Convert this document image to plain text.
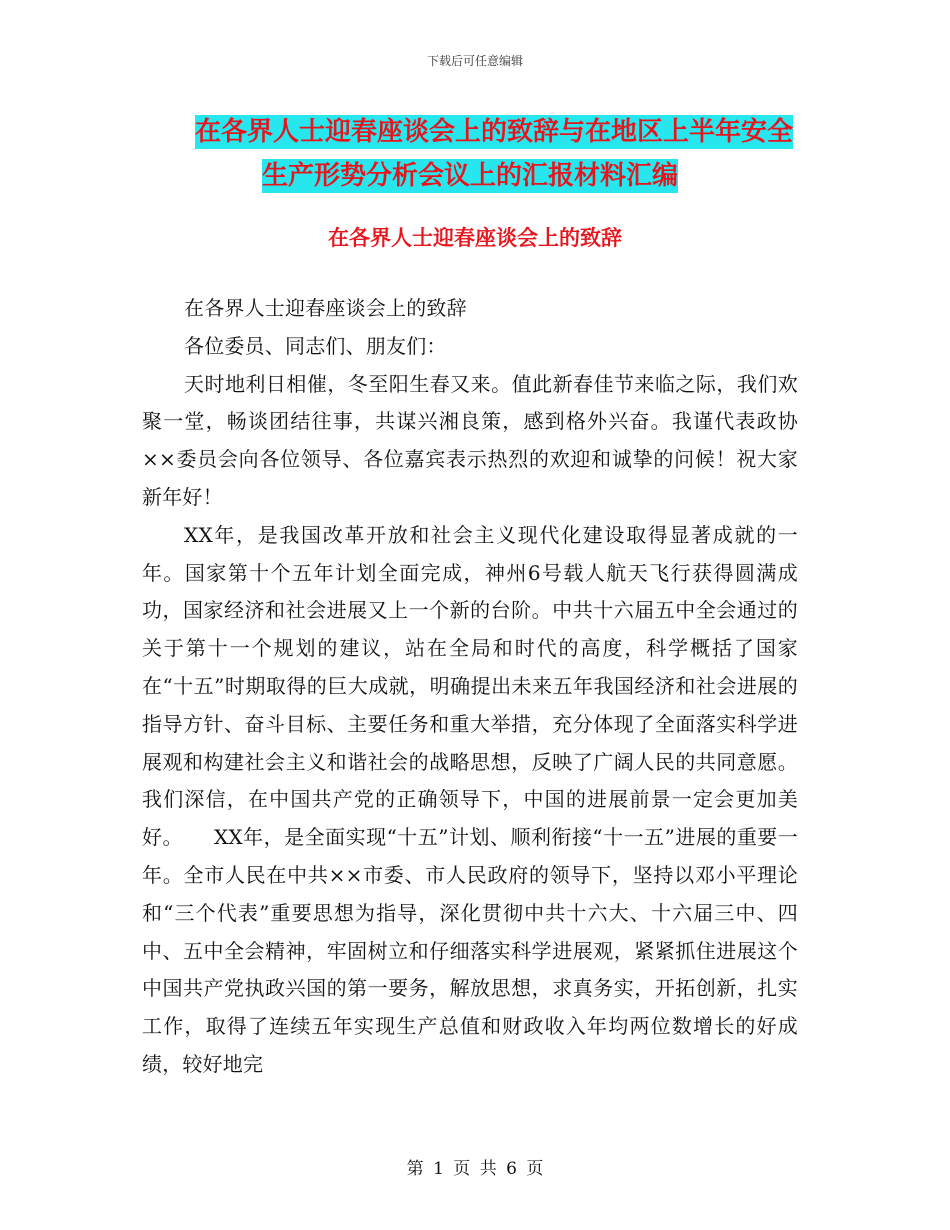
下载后可任意编辑
在各界人士迎春座谈会上的致辞与在地区上半年安全
生产形势分析会议上的汇报材料汇编
在各界人士迎春座谈会上的致辞

在各界人士迎春座谈会上的致辞

各位委员、同志们、朋友们：

天时地利日相催，冬至阳生春又来。值此新春佳节来临之际，我们欢聚一堂，畅谈团结往事，共谋兴湘良策，感到格外兴奋。我谨代表政协××委员会向各位领导、各位嘉宾表示热烈的欢迎和诚挚的问候！祝大家新年好！

XX年，是我国改革开放和社会主义现代化建设取得显著成就的一年。国家第十个五年计划全面完成，神州6号载人航天飞行获得圆满成功，国家经济和社会进展又上一个新的台阶。中共十六届五中全会通过的关于第十一个规划的建议，站在全局和时代的高度，科学概括了国家在“十五”时期取得的巨大成就，明确提出未来五年我国经济和社会进展的指导方针、奋斗目标、主要任务和重大举措，充分体现了全面落实科学进展观和构建社会主义和谐社会的战略思想，反映了广阔人民的共同意愿。我们深信，在中国共产党的正确领导下，中国的进展前景一定会更加美好。　　XX年，是全面实现“十五”计划、顺利衔接“十一五”进展的重要一年。全市人民在中共××市委、市人民政府的领导下，坚持以邓小平理论和“三个代表”重要思想为指导，深化贯彻中共十六大、十六届三中、四中、五中全会精神，牢固树立和仔细落实科学进展观，紧紧抓住进展这个中国共产党执政兴国的第一要务，解放思想，求真务实，开拓创新，扎实工作，取得了连续五年实现生产总值和财政收入年均两位数增长的好成绩，较好地完

第 1 页 共 6 页
